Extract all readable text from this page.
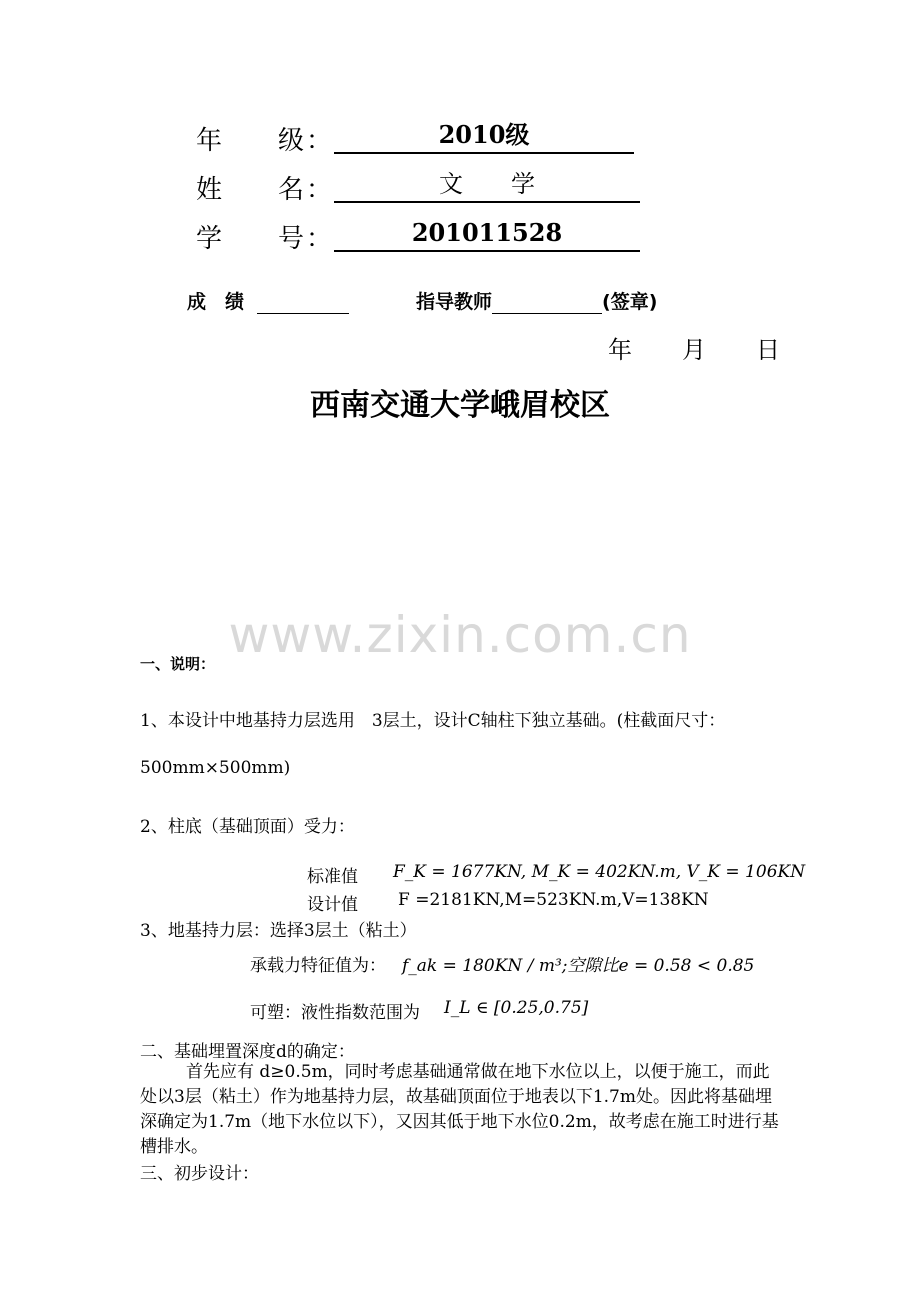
年 级：	2010级
姓 名：	文　　学
学 号：	201011528
成　绩	指导教师	(签章)
年 月 日
西南交通大学峨眉校区
www.zixin.com.cn
一、说明：
1、本设计中地基持力层选用　3层土，设计C轴柱下独立基础。(柱截面尺寸：
500mm×500mm)
2、柱底（基础顶面）受力：
标准值 F_K = 1677KN, M_K = 402KN.m, V_K = 106KN
设计值 F =2181KN,M=523KN.m,V=138KN
3、地基持力层：选择3层土（粘土）
承载力特征值为： f_ak = 180KN / m³;空隙比e = 0.58 < 0.85
可塑：液性指数范围为 I_L ∈ [0.25,0.75]
二、基础埋置深度d的确定：
首先应有 d≥0.5m，同时考虑基础通常做在地下水位以上，以便于施工，而此处以3层（粘土）作为地基持力层，故基础顶面位于地表以下1.7m处。因此将基础埋深确定为1.7m（地下水位以下），又因其低于地下水位0.2m，故考虑在施工时进行基槽排水。
三、初步设计：
